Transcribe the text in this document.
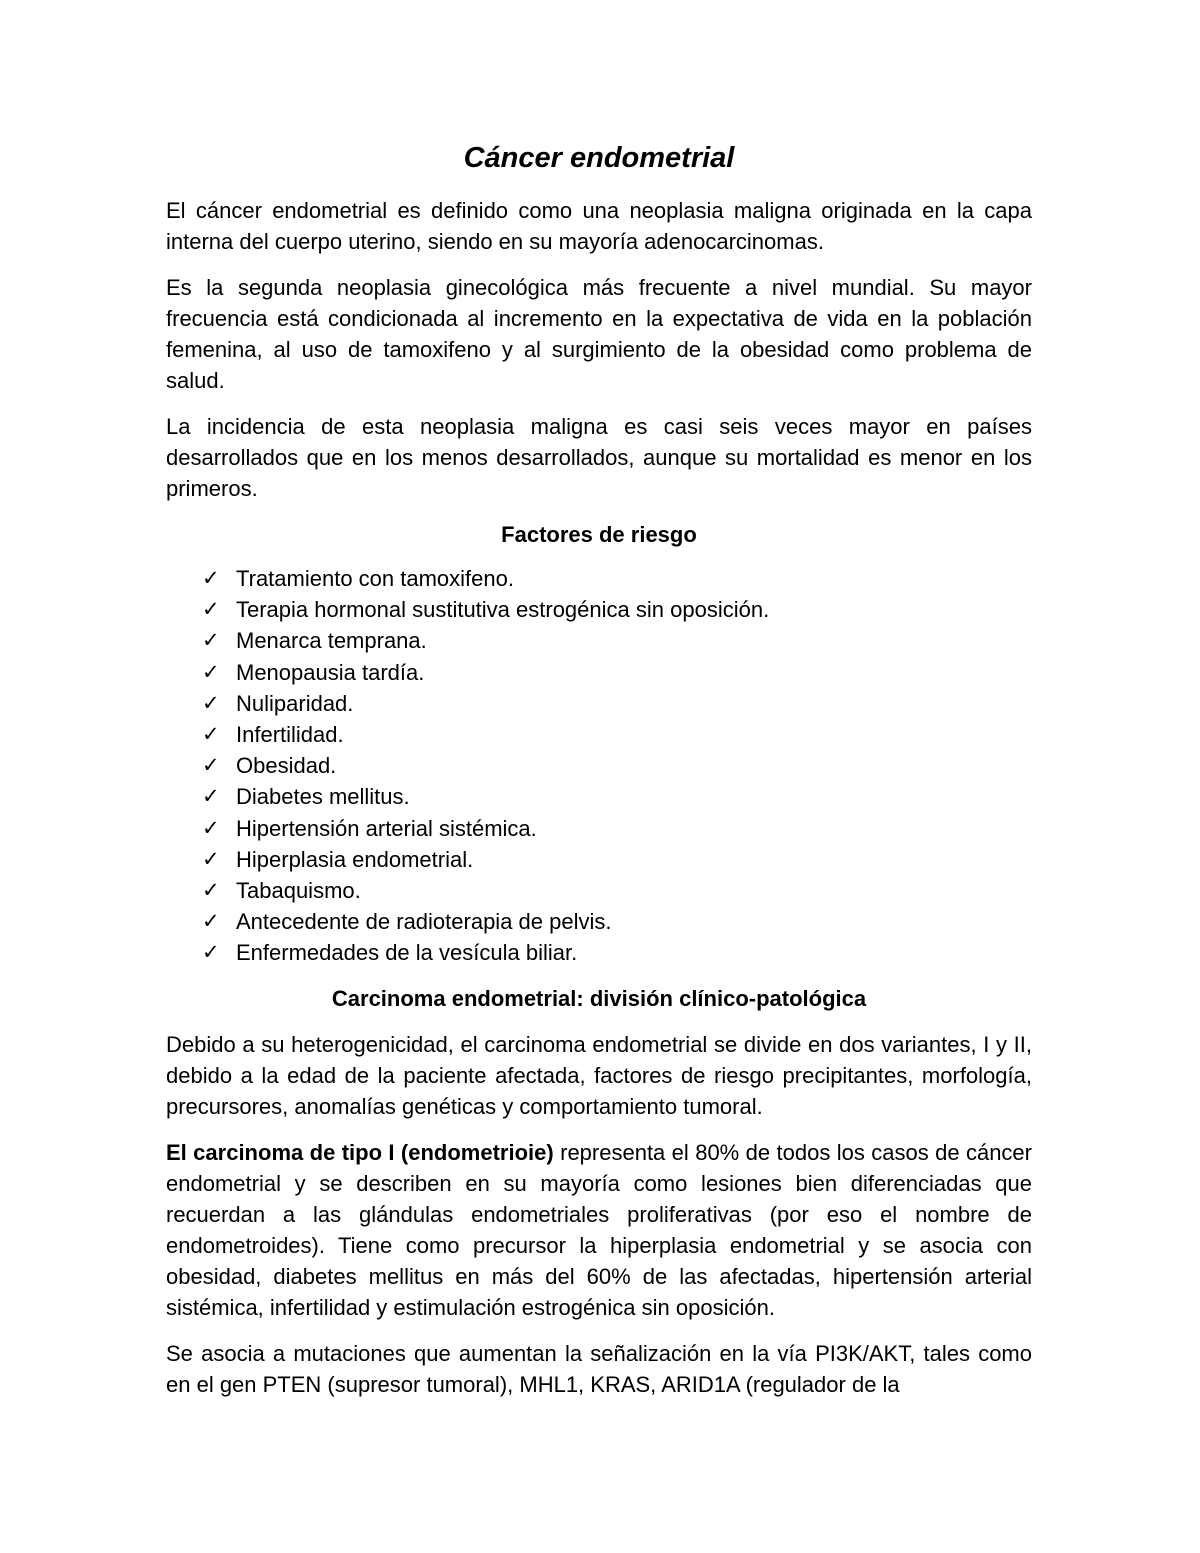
Cáncer endometrial

El cáncer endometrial es definido como una neoplasia maligna originada en la capa interna del cuerpo uterino, siendo en su mayoría adenocarcinomas.

Es la segunda neoplasia ginecológica más frecuente a nivel mundial. Su mayor frecuencia está condicionada al incremento en la expectativa de vida en la población femenina, al uso de tamoxifeno y al surgimiento de la obesidad como problema de salud.

La incidencia de esta neoplasia maligna es casi seis veces mayor en países desarrollados que en los menos desarrollados, aunque su mortalidad es menor en los primeros.

Factores de riesgo
✓ Tratamiento con tamoxifeno.
✓ Terapia hormonal sustitutiva estrogénica sin oposición.
✓ Menarca temprana.
✓ Menopausia tardía.
✓ Nuliparidad.
✓ Infertilidad.
✓ Obesidad.
✓ Diabetes mellitus.
✓ Hipertensión arterial sistémica.
✓ Hiperplasia endometrial.
✓ Tabaquismo.
✓ Antecedente de radioterapia de pelvis.
✓ Enfermedades de la vesícula biliar.
Carcinoma endometrial: división clínico-patológica

Debido a su heterogenicidad, el carcinoma endometrial se divide en dos variantes, I y II, debido a la edad de la paciente afectada, factores de riesgo precipitantes, morfología, precursores, anomalías genéticas y comportamiento tumoral.

El carcinoma de tipo I (endometrioie) representa el 80% de todos los casos de cáncer endometrial y se describen en su mayoría como lesiones bien diferenciadas que recuerdan a las glándulas endometriales proliferativas (por eso el nombre de endometroides). Tiene como precursor la hiperplasia endometrial y se asocia con obesidad, diabetes mellitus en más del 60% de las afectadas, hipertensión arterial sistémica, infertilidad y estimulación estrogénica sin oposición.

Se asocia a mutaciones que aumentan la señalización en la vía PI3K/AKT, tales como en el gen PTEN (supresor tumoral), MHL1, KRAS, ARID1A (regulador de la
